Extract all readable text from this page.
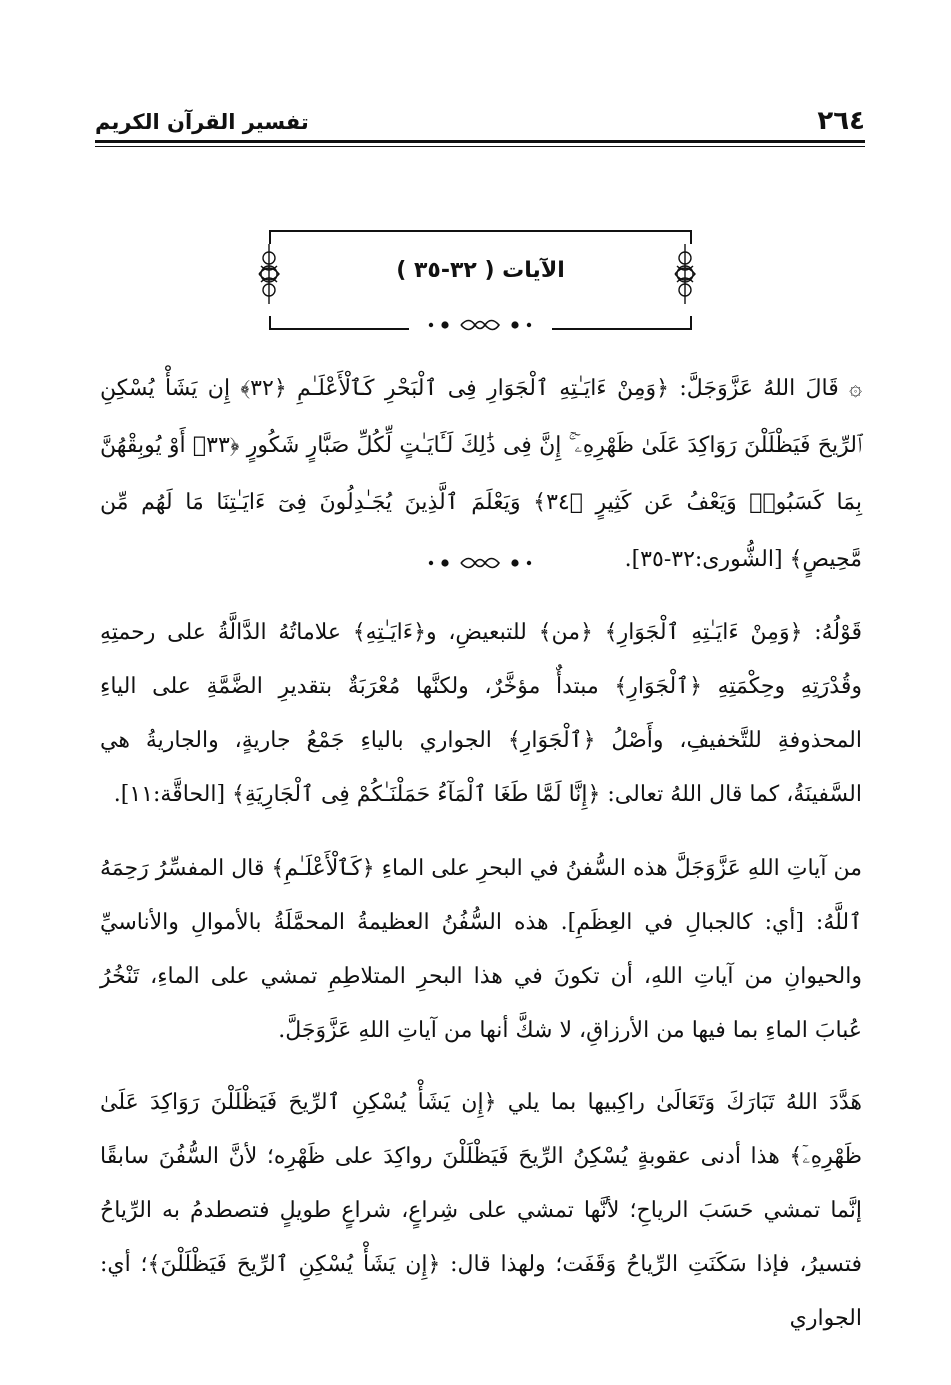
٢٦٤
تفسير القرآن الكريم
الآيات ( ٣٢-٣٥ )
۞ قَالَ اللهُ عَزَّوَجَلَّ: ﴿وَمِنْ ءَايَـٰتِهِ ٱلْجَوَارِ فِى ٱلْبَحْرِ كَٱلْأَعْلَـٰمِ ﴿٣٢﴾ إِن يَشَأْ يُسْكِنِ ٱلرِّيحَ فَيَظْلَلْنَ رَوَاكِدَ عَلَىٰ ظَهْرِهِۦٓ ۚ إِنَّ فِى ذَٰلِكَ لَـَٔايَـٰتٍ لِّكُلِّ صَبَّارٍ شَكُورٍ ﴿٣٣﴾ أَوْ يُوبِقْهُنَّ بِمَا كَسَبُوا۟ وَيَعْفُ عَن كَثِيرٍ ﴿٣٤﴾ وَيَعْلَمَ ٱلَّذِينَ يُجَـٰدِلُونَ فِىٓ ءَايَـٰتِنَا مَا لَهُم مِّن مَّحِيصٍ﴾ [الشُّورى:٣٢-٣٥].
قَوْلُهُ: ﴿وَمِنْ ءَايَـٰتِهِ ٱلْجَوَارِ﴾ ﴿من﴾ للتبعيضِ، و﴿ءَايَـٰتِهِ﴾ علاماتُهُ الدَّالَّةُ على رحمتِهِ وقُدْرَتِهِ وحِكْمَتِهِ ﴿ٱلْجَوَارِ﴾ مبتدأٌ مؤخَّرٌ، ولكنَّها مُعْرَبَةٌ بتقديرِ الضَّمَّةِ على الياءِ المحذوفةِ للتَّخفيفِ، وأَصْلُ ﴿ٱلْجَوَارِ﴾ الجواري بالياءِ جَمْعُ جاريةٍ، والجاريةُ هي السَّفينَةُ، كما قال اللهُ تعالى: ﴿إِنَّا لَمَّا طَغَا ٱلْمَآءُ حَمَلْنَـٰكُمْ فِى ٱلْجَارِيَةِ﴾ [الحاقَّة:١١].
من آياتِ اللهِ عَزَّوَجَلَّ هذه السُّفنُ في البحرِ على الماءِ ﴿كَٱلْأَعْلَـٰمِ﴾ قال المفسِّرُ رَحِمَهُ ٱللَّهُ: [أي: كالجبالِ في العِظَمِ]. هذه السُّفُنُ العظيمةُ المحمَّلَةُ بالأموالِ والأناسيِّ والحيوانِ من آياتِ اللهِ، أن تكونَ في هذا البحرِ المتلاطِمِ تمشي على الماءِ، تَنْخُرُ عُبابَ الماءِ بما فيها من الأرزاقِ، لا شكَّ أنها من آياتِ اللهِ عَزَّوَجَلَّ.
هَدَّدَ اللهُ تَبَارَكَ وَتَعَالَىٰ راكِبيها بما يلي ﴿إِن يَشَأْ يُسْكِنِ ٱلرِّيحَ فَيَظْلَلْنَ رَوَاكِدَ عَلَىٰ ظَهْرِهِۦٓ﴾ هذا أدنى عقوبةٍ يُسْكِنُ الرِّيحَ فَيَظْلَلْنَ رواكِدَ على ظَهْرِه؛ لأنَّ السُّفُنَ سابقًا إنَّما تمشي حَسَبَ الرياحِ؛ لأنَّها تمشي على شِراعٍ، شراعٍ طويلٍ فتصطدمُ به الرِّياحُ فتسيرُ، فإذا سَكَنَتِ الرِّياحُ وَقَفَت؛ ولهذا قال: ﴿إِن يَشَأْ يُسْكِنِ ٱلرِّيحَ فَيَظْلَلْنَ﴾؛ أي: الجواري
